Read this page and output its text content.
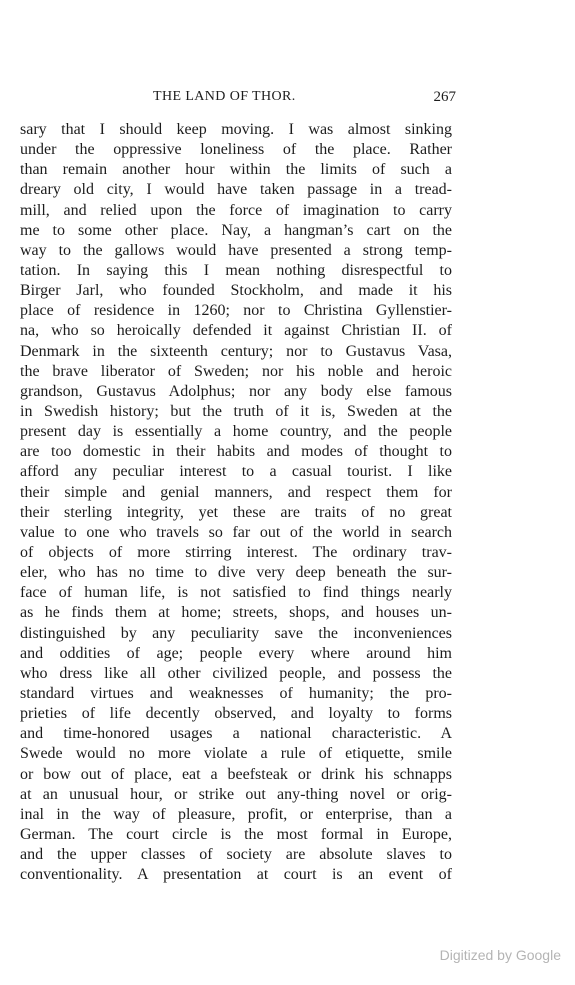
THE LAND OF THOR.	267
sary that I should keep moving. I was almost sinking
under the oppressive loneliness of the place. Rather
than remain another hour within the limits of such a
dreary old city, I would have taken passage in a tread-
mill, and relied upon the force of imagination to carry
me to some other place. Nay, a hangman’s cart on the
way to the gallows would have presented a strong temp-
tation. In saying this I mean nothing disrespectful to
Birger Jarl, who founded Stockholm, and made it his
place of residence in 1260; nor to Christina Gyllenstier-
na, who so heroically defended it against Christian II. of
Denmark in the sixteenth century; nor to Gustavus Vasa,
the brave liberator of Sweden; nor his noble and heroic
grandson, Gustavus Adolphus; nor any body else famous
in Swedish history; but the truth of it is, Sweden at the
present day is essentially a home country, and the people
are too domestic in their habits and modes of thought to
afford any peculiar interest to a casual tourist. I like
their simple and genial manners, and respect them for
their sterling integrity, yet these are traits of no great
value to one who travels so far out of the world in search
of objects of more stirring interest. The ordinary trav-
eler, who has no time to dive very deep beneath the sur-
face of human life, is not satisfied to find things nearly
as he finds them at home; streets, shops, and houses un-
distinguished by any peculiarity save the inconveniences
and oddities of age; people every where around him
who dress like all other civilized people, and possess the
standard virtues and weaknesses of humanity; the pro-
prieties of life decently observed, and loyalty to forms
and time-honored usages a national characteristic. A
Swede would no more violate a rule of etiquette, smile
or bow out of place, eat a beefsteak or drink his schnapps
at an unusual hour, or strike out any-thing novel or orig-
inal in the way of pleasure, profit, or enterprise, than a
German. The court circle is the most formal in Europe,
and the upper classes of society are absolute slaves to
conventionality. A presentation at court is an event of
Digitized by Google
